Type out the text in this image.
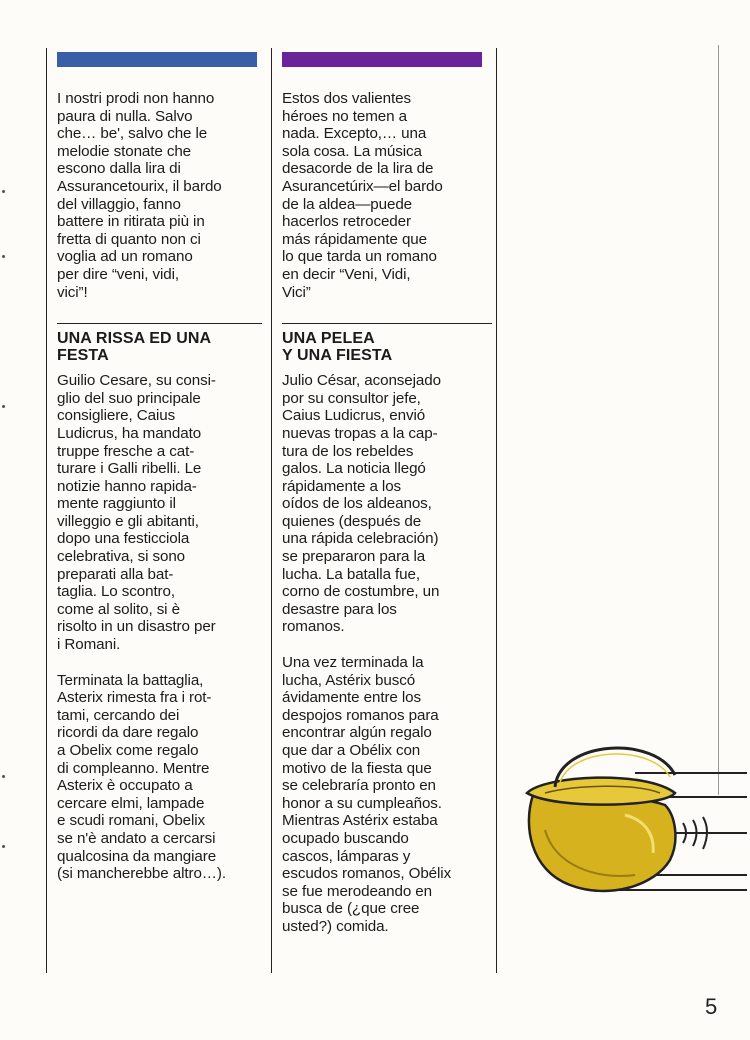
I nostri prodi non hanno
paura di nulla. Salvo
che… be', salvo che le
melodie stonate che
escono dalla lira di
Assurancetourix, il bardo
del villaggio, fanno
battere in ritirata più in
fretta di quanto non ci
voglia ad un romano
per dire “veni, vidi,
vici”!

UNA RISSA ED UNA
FESTA

Guilio Cesare, su consi-
glio del suo principale
consigliere, Caius
Ludicrus, ha mandato
truppe fresche a cat-
turare i Galli ribelli. Le
notizie hanno rapida-
mente raggiunto il
villeggio e gli abitanti,
dopo una festicciola
celebrativa, si sono
preparati alla bat-
taglia. Lo scontro,
come al solito, si è
risolto in un disastro per
i Romani.

Terminata la battaglia,
Asterix rimesta fra i rot-
tami, cercando dei
ricordi da dare regalo
a Obelix come regalo
di compleanno. Mentre
Asterix è occupato a
cercare elmi, lampade
e scudi romani, Obelix
se n'è andato a cercarsi
qualcosina da mangiare
(si mancherebbe altro…).

Estos dos valientes
héroes no temen a
nada. Excepto,… una
sola cosa. La música
desacorde de la lira de
Asurancetúrix—el bardo
de la aldea—puede
hacerlos retroceder
más rápidamente que
lo que tarda un romano
en decir “Veni, Vidi,
Vici”

UNA PELEA
Y UNA FIESTA

Julio César, aconsejado
por su consultor jefe,
Caius Ludicrus, envió
nuevas tropas a la cap-
tura de los rebeldes
galos. La noticia llegó
rápidamente a los
oídos de los aldeanos,
quienes (después de
una rápida celebración)
se prepararon para la
lucha. La batalla fue,
corno de costumbre, un
desastre para los
romanos.

Una vez terminada la
lucha, Astérix buscó
ávidamente entre los
despojos romanos para
encontrar algún regalo
que dar a Obélix con
motivo de la fiesta que
se celebraría pronto en
honor a su cumpleaños.
Mientras Astérix estaba
ocupado buscando
cascos, lámparas y
escudos romanos, Obélix
se fue merodeando en
busca de (¿que cree
usted?) comida.

5
